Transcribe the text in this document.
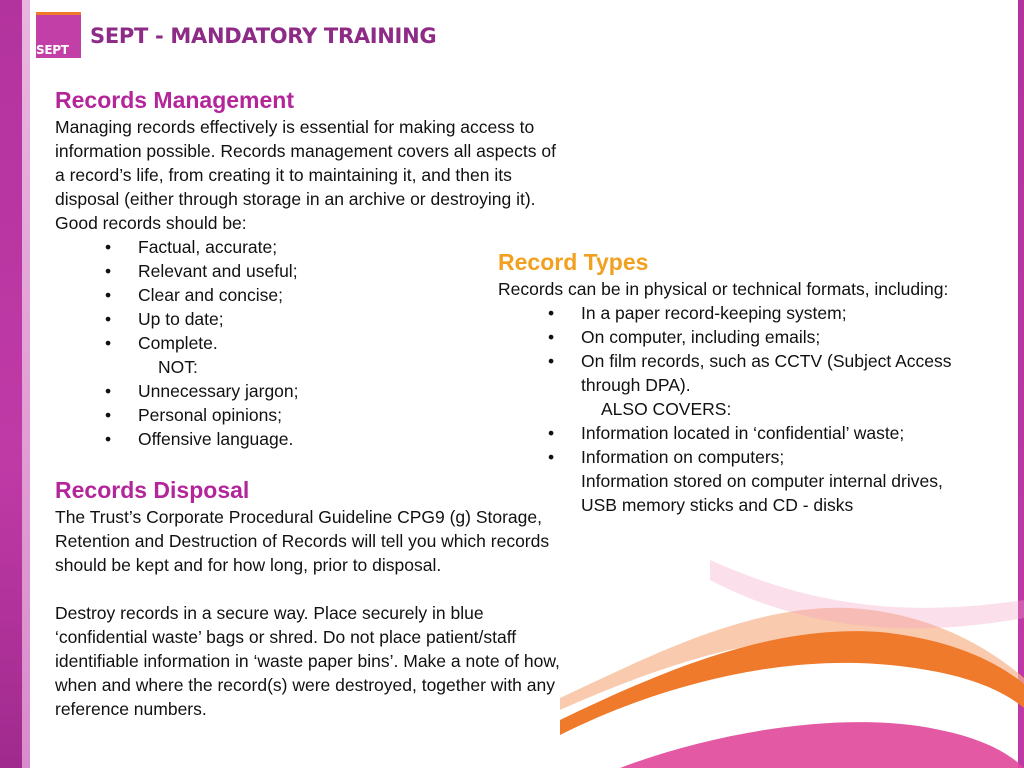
SEPT
SEPT - MANDATORY TRAINING
Records Management

Managing records effectively is essential for making access to information possible. Records management covers all aspects of a record’s life, from creating it to maintaining it, and then its disposal (either through storage in an archive or destroying it). Good records should be:

• Factual, accurate;
• Relevant and useful;
• Clear and concise;
• Up to date;
• Complete.
NOT:
• Unnecessary jargon;
• Personal opinions;
• Offensive language.
Records Disposal

The Trust’s Corporate Procedural Guideline CPG9 (g) Storage, Retention and Destruction of Records will tell you which records should be kept and for how long, prior to disposal.

Destroy records in a secure way. Place securely in blue ‘confidential waste’ bags or shred. Do not place patient/staff identifiable information in ‘waste paper bins’. Make a note of how, when and where the record(s) were destroyed, together with any reference numbers.

Record Types

Records can be in physical or technical formats, including:

• In a paper record-keeping system;
• On computer, including emails;
• On film records, such as CCTV (Subject Access through DPA).
ALSO COVERS:
• Information located in ‘confidential’ waste;
• Information on computers;

Information stored on computer internal drives, USB memory sticks and CD - disks
